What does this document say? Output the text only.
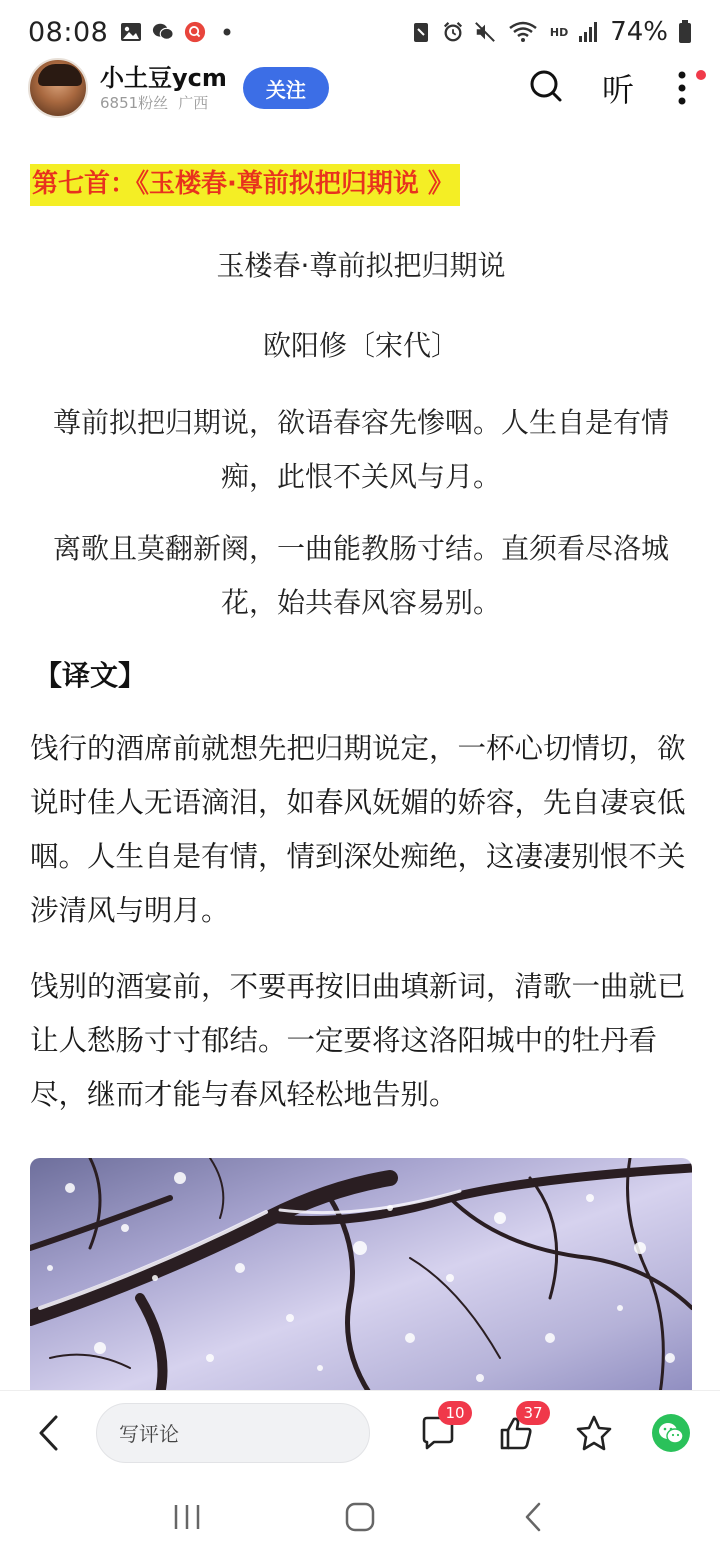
08:08	HD 74%
小土豆ycm
6851粉丝 广西
关注	听
第七首：《玉楼春·尊前拟把归期说 》

玉楼春·尊前拟把归期说

欧阳修〔宋代〕

尊前拟把归期说，欲语春容先惨咽。人生自是有情痴，此恨不关风与月。

离歌且莫翻新阕，一曲能教肠寸结。直须看尽洛城花，始共春风容易别。

【译文】

饯行的酒席前就想先把归期说定，一杯心切情切，欲说时佳人无语滴泪，如春风妩媚的娇容，先自凄哀低咽。人生自是有情，情到深处痴绝，这凄凄别恨不关涉清风与明月。

饯别的酒宴前，不要再按旧曲填新词，清歌一曲就已让人愁肠寸寸郁结。一定要将这洛阳城中的牡丹看尽，继而才能与春风轻松地告别。

写评论
10	37
